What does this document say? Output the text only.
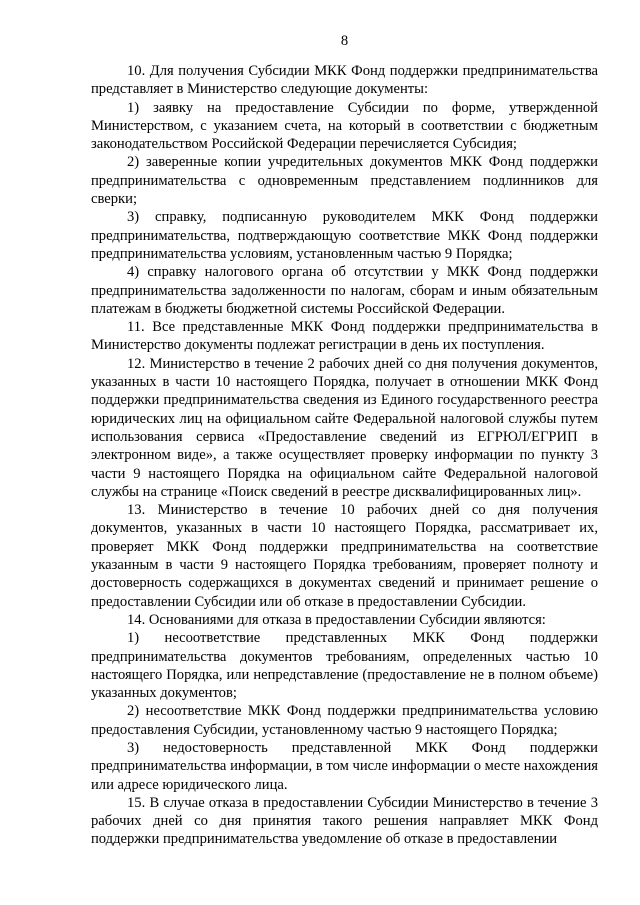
8

10. Для получения Субсидии МКК Фонд поддержки предпринимательства представляет в Министерство следующие документы:

1) заявку на предоставление Субсидии по форме, утвержденной Министерством, с указанием счета, на который в соответствии с бюджетным законодательством Российской Федерации перечисляется Субсидия;

2) заверенные копии учредительных документов МКК Фонд поддержки предпринимательства с одновременным представлением подлинников для сверки;

3) справку, подписанную руководителем МКК Фонд поддержки предпринимательства, подтверждающую соответствие МКК Фонд поддержки предпринимательства условиям, установленным частью 9 Порядка;

4) справку налогового органа об отсутствии у МКК Фонд поддержки предпринимательства задолженности по налогам, сборам и иным обязательным платежам в бюджеты бюджетной системы Российской Федерации.

11. Все представленные МКК Фонд поддержки предпринимательства в Министерство документы подлежат регистрации в день их поступления.

12. Министерство в течение 2 рабочих дней со дня получения документов, указанных в части 10 настоящего Порядка, получает в отношении МКК Фонд поддержки предпринимательства сведения из Единого государственного реестра юридических лиц на официальном сайте Федеральной налоговой службы путем использования сервиса «Предоставление сведений из ЕГРЮЛ/ЕГРИП в электронном виде», а также осуществляет проверку информации по пункту 3 части 9 настоящего Порядка на официальном сайте Федеральной налоговой службы на странице «Поиск сведений в реестре дисквалифицированных лиц».

13. Министерство в течение 10 рабочих дней со дня получения документов, указанных в части 10 настоящего Порядка, рассматривает их, проверяет МКК Фонд поддержки предпринимательства на соответствие указанным в части 9 настоящего Порядка требованиям, проверяет полноту и достоверность содержащихся в документах сведений и принимает решение о предоставлении Субсидии или об отказе в предоставлении Субсидии.

14. Основаниями для отказа в предоставлении Субсидии являются:

1) несоответствие представленных МКК Фонд поддержки предпринимательства документов требованиям, определенных частью 10 настоящего Порядка, или непредставление (предоставление не в полном объеме) указанных документов;

2) несоответствие МКК Фонд поддержки предпринимательства условию предоставления Субсидии, установленному частью 9 настоящего Порядка;

3) недостоверность представленной МКК Фонд поддержки предпринимательства информации, в том числе информации о месте нахождения или адресе юридического лица.

15. В случае отказа в предоставлении Субсидии Министерство в течение 3 рабочих дней со дня принятия такого решения направляет МКК Фонд поддержки предпринимательства уведомление об отказе в предоставлении
